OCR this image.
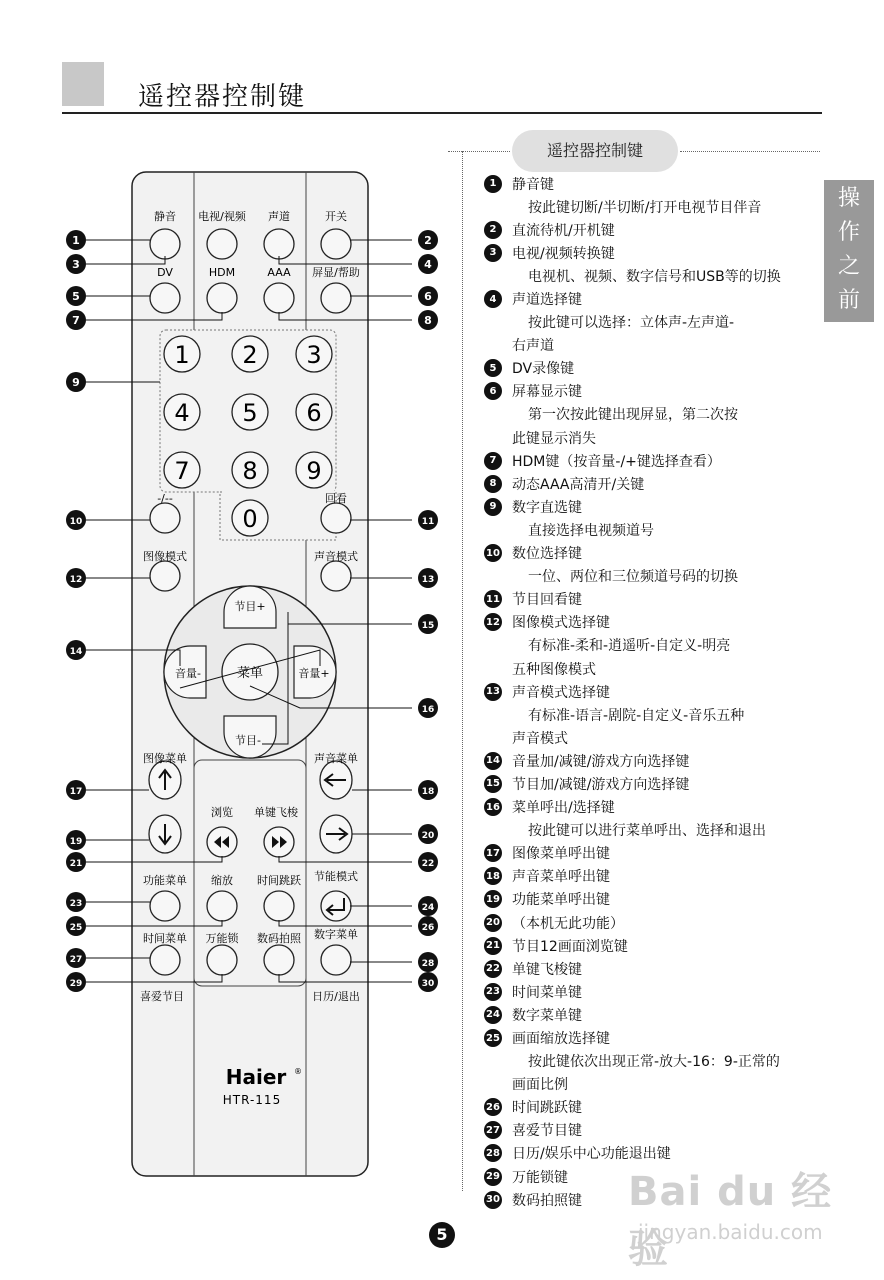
遥控器控制键
操
作
之
前
遥控器控制键
1	静音键
按此键切断/半切断/打开电视节目伴音
2	直流待机/开机键
3	电视/视频转换键
电视机、视频、数字信号和USB等的切换
4	声道选择键
按此键可以选择：立体声-左声道-
右声道
5	DV录像键
6	屏幕显示键
第一次按此键出现屏显，第二次按
此键显示消失
7	HDM键（按音量-/+键选择查看）
8	动态AAA高清开/关键
9	数字直选键
直接选择电视频道号
10 数位选择键
一位、两位和三位频道号码的切换
11 节目回看键
12 图像模式选择键
有标准-柔和-逍遥听-自定义-明亮
五种图像模式
13 声音模式选择键
有标准-语言-剧院-自定义-音乐五种
声音模式
14 音量加/减键/游戏方向选择键
15 节目加/减键/游戏方向选择键
16 菜单呼出/选择键
按此键可以进行菜单呼出、选择和退出
17 图像菜单呼出键
18 声音菜单呼出键
19 功能菜单呼出键
20 （本机无此功能）
21 节目12画面浏览键
22 单键飞梭键
23 时间菜单键
24 数字菜单键
25 画面缩放选择键
按此键依次出现正常-放大-16：9-正常的
画面比例
26 时间跳跃键
27 喜爱节目键
28 日历/娱乐中心功能退出键
29 万能锁键
30 数码拍照键
静音 电视/视频 声道	开关
DV	HDM	AAA 屏显/帮助
1 2 3
4 5 6
7 8 9
0
-/--	回看
图像模式	声音模式
菜单
功能菜单 缩放 时间跳跃
时间菜单 万能锁 数码拍照 数字菜单
节目+
节目-
音量-	音量+
图像菜单	声音菜单
浏览 单键飞梭
节能模式
喜爱节目	日历/退出
1	2
3	4
5	6
7	8
9
10	11
12	13
14
15
16
17	18
19
20
21	22
23	24
25	26
27	28
29	30
Haier ®
HTR-115
5
Bai du 经验
jingyan.baidu.com
